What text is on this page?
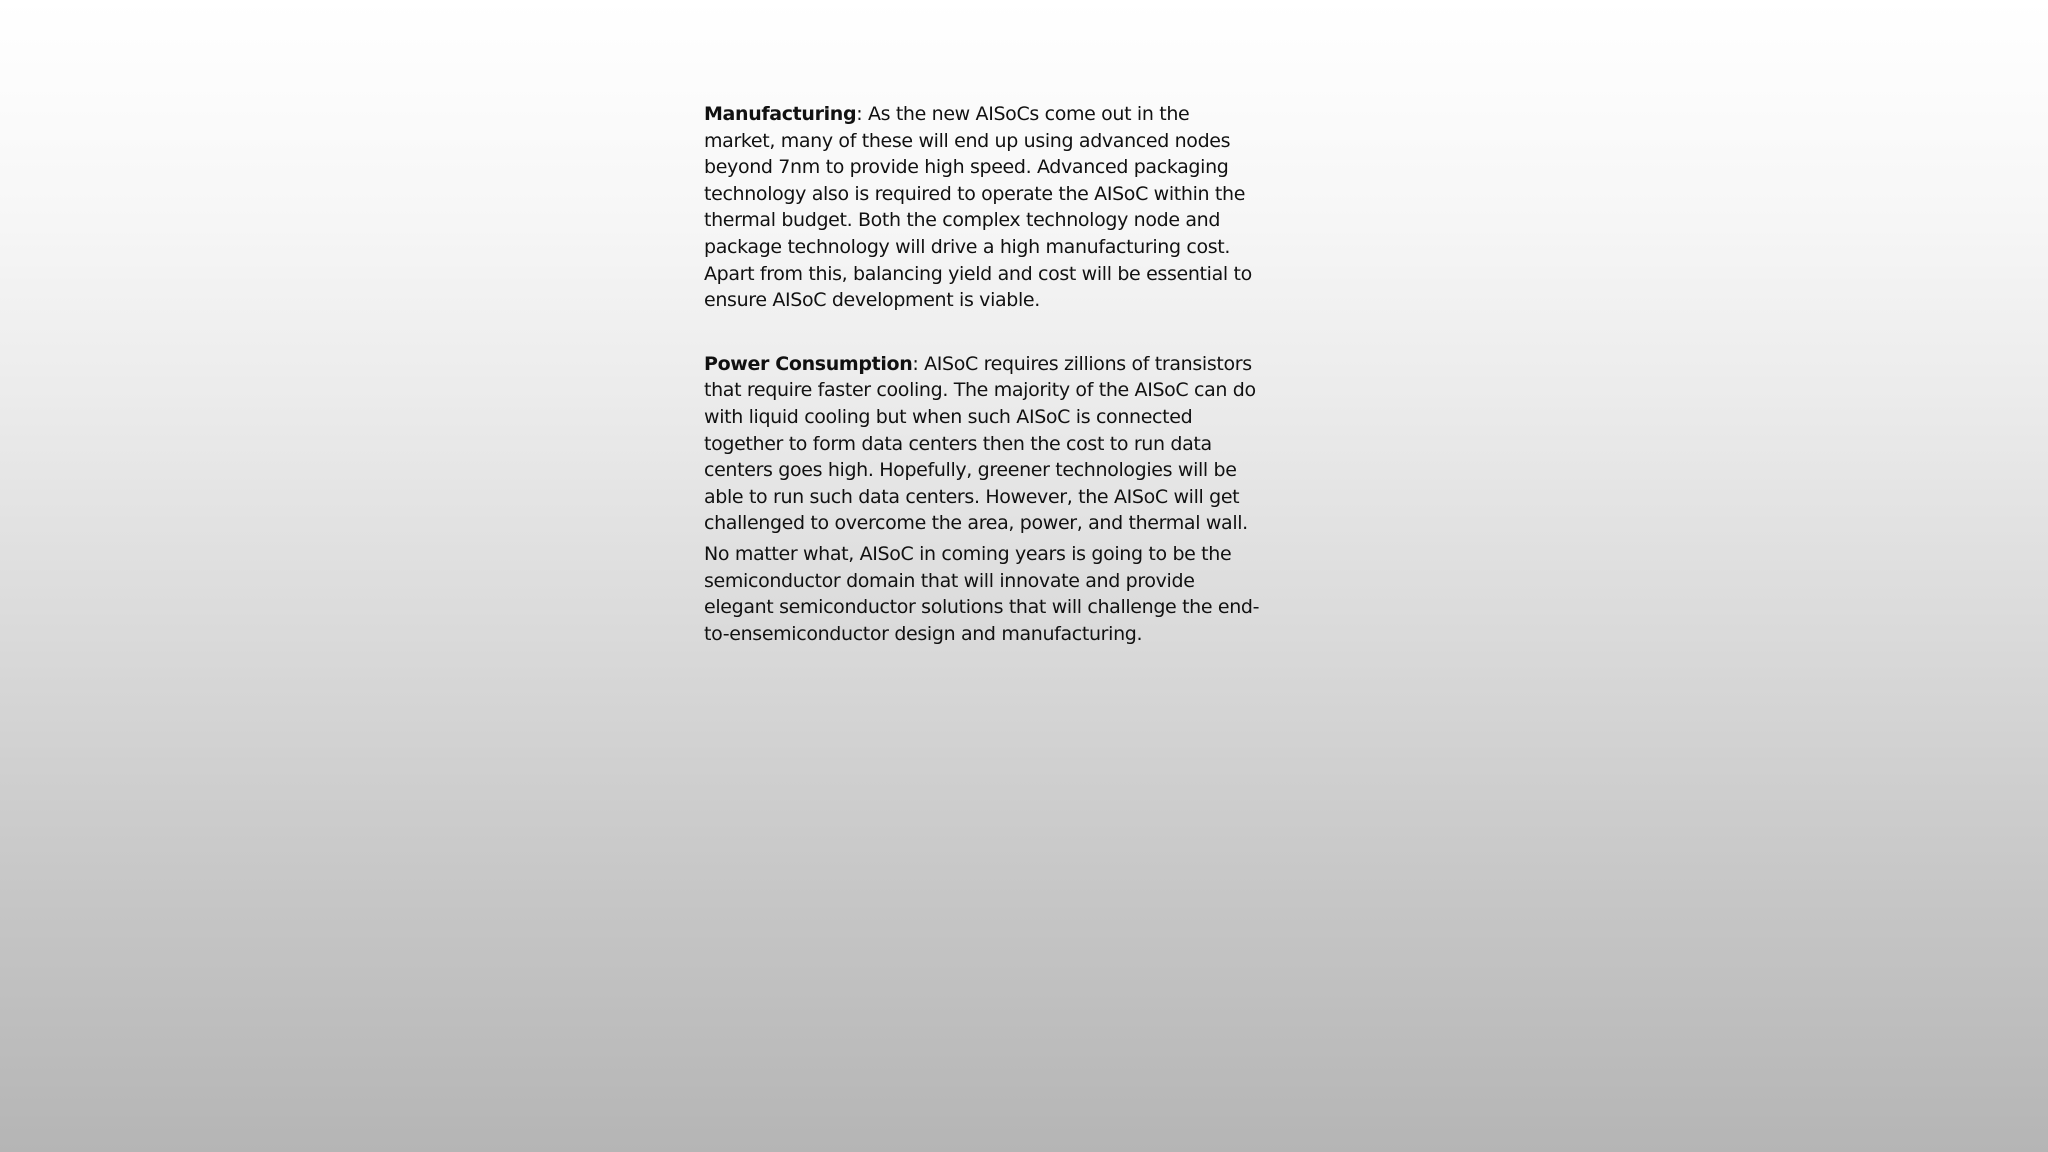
Manufacturing: As the new AISoCs come out in the market, many of these will end up using advanced nodes beyond 7nm to provide high speed. Advanced packaging technology also is required to operate the AISoC within the thermal budget. Both the complex technology node and package technology will drive a high manufacturing cost. Apart from this, balancing yield and cost will be essential to ensure AISoC development is viable.

Power Consumption: AISoC requires zillions of transistors that require faster cooling. The majority of the AISoC can do with liquid cooling but when such AISoC is connected together to form data centers then the cost to run data centers goes high. Hopefully, greener technologies will be able to run such data centers. However, the AISoC will get challenged to overcome the area, power, and thermal wall.

No matter what, AISoC in coming years is going to be the semiconductor domain that will innovate and provide elegant semiconductor solutions that will challenge the end-to-ensemiconductor design and manufacturing.
